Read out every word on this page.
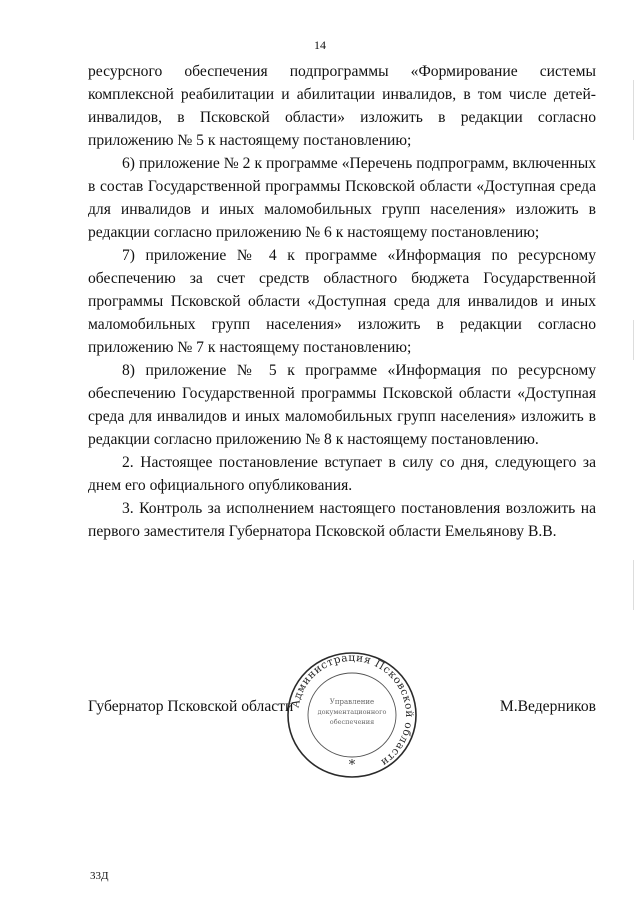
14

ресурсного обеспечения подпрограммы «Формирование системы комплексной реабилитации и абилитации инвалидов, в том числе детей-инвалидов, в Псковской области» изложить в редакции согласно приложению № 5 к настоящему постановлению;

6) приложение № 2 к программе «Перечень подпрограмм, включенных в состав Государственной программы Псковской области «Доступная среда для инвалидов и иных маломобильных групп населения» изложить в редакции согласно приложению № 6 к настоящему постановлению;

7) приложение № 4 к программе «Информация по ресурсному обеспечению за счет средств областного бюджета Государственной программы Псковской области «Доступная среда для инвалидов и иных маломобильных групп населения» изложить в редакции согласно приложению № 7 к настоящему постановлению;

8) приложение № 5 к программе «Информация по ресурсному обеспечению Государственной программы Псковской области «Доступная среда для инвалидов и иных маломобильных групп населения» изложить в редакции согласно приложению № 8 к настоящему постановлению.

2. Настоящее постановление вступает в силу со дня, следующего за днем его официального опубликования.

3. Контроль за исполнением настоящего постановления возложить на первого заместителя Губернатора Псковской области Емельянову В.В.

Губернатор Псковской области	М.Ведерников
Администрация Псковской области
Управление
документационного
обеспечения
*
33Д
